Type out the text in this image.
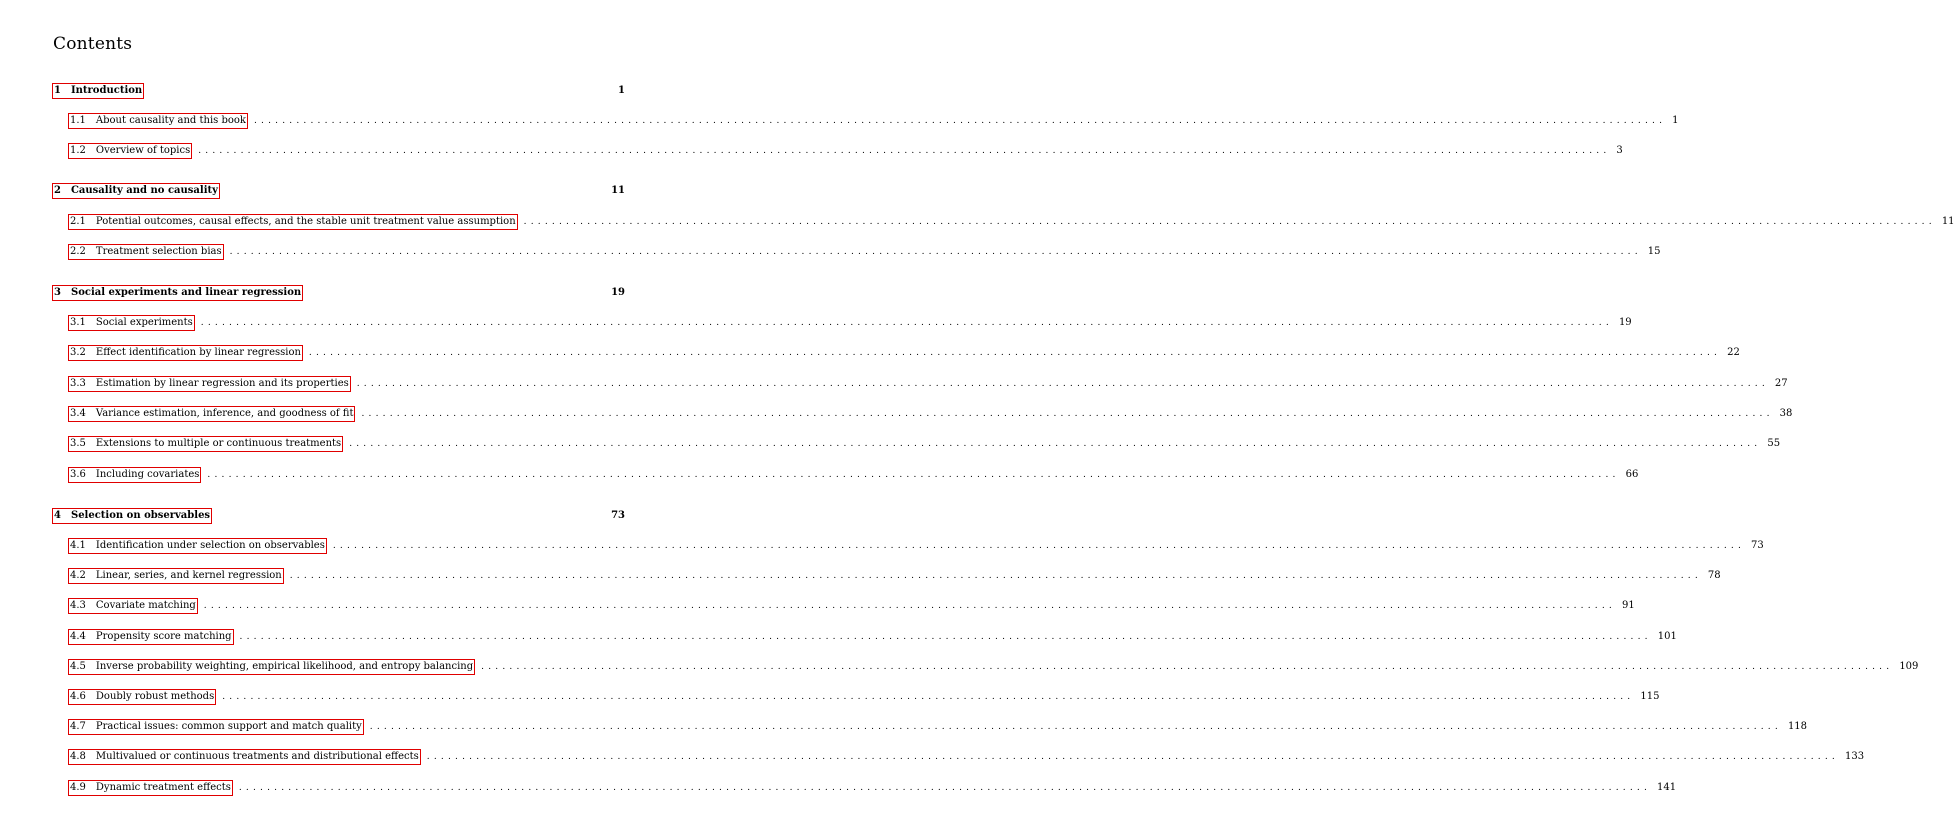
Contents
1 Introduction	1
1.1 About causality and this book ........................................................................................................................................................................................................ 1
1.2 Overview of topics ........................................................................................................................................................................................................ 3
2 Causality and no causality	11
2.1 Potential outcomes, causal effects, and the stable unit treatment value assumption ........................................................................................................................................................................................................ 11
2.2 Treatment selection bias ........................................................................................................................................................................................................ 15
3 Social experiments and linear regression	19
3.1 Social experiments ........................................................................................................................................................................................................ 19
3.2 Effect identification by linear regression ........................................................................................................................................................................................................ 22
3.3 Estimation by linear regression and its properties ........................................................................................................................................................................................................ 27
3.4 Variance estimation, inference, and goodness of fit ........................................................................................................................................................................................................ 38
3.5 Extensions to multiple or continuous treatments ........................................................................................................................................................................................................ 55
3.6 Including covariates ........................................................................................................................................................................................................ 66
4 Selection on observables	73
4.1 Identification under selection on observables ........................................................................................................................................................................................................ 73
4.2 Linear, series, and kernel regression ........................................................................................................................................................................................................ 78
4.3 Covariate matching ........................................................................................................................................................................................................ 91
4.4 Propensity score matching ........................................................................................................................................................................................................ 101
4.5 Inverse probability weighting, empirical likelihood, and entropy balancing ........................................................................................................................................................................................................ 109
4.6 Doubly robust methods ........................................................................................................................................................................................................ 115
4.7 Practical issues: common support and match quality ........................................................................................................................................................................................................ 118
4.8 Multivalued or continuous treatments and distributional effects ........................................................................................................................................................................................................ 133
4.9 Dynamic treatment effects ........................................................................................................................................................................................................ 141
